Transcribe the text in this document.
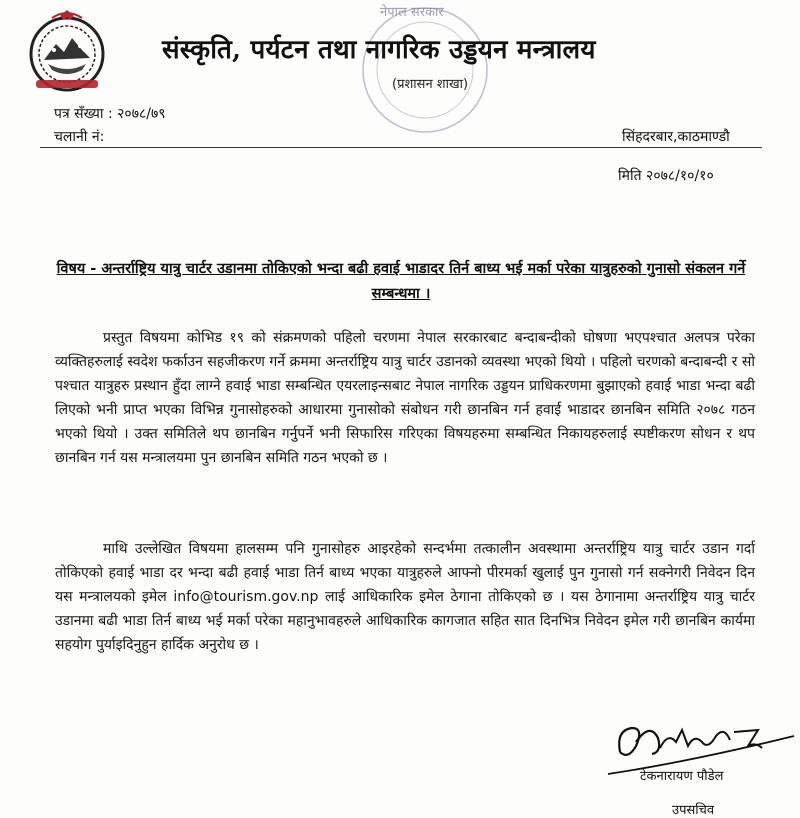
नेपाल सरकार
संस्कृति, पर्यटन तथा नागरिक उड्डयन मन्त्रालय
(प्रशासन शाखा)
पत्र सँख्या : २०७८/७९
चलानी नं:	सिंहदरबार,काठमाण्डौ
मिति २०७८/१०/१०
विषय - अन्तर्राष्ट्रिय यात्रु चार्टर उडानमा तोकिएको भन्दा बढी हवाई भाडादर तिर्न बाध्य भई मर्का परेका यात्रुहरुको गुनासो संकलन गर्ने सम्बन्धमा ।
प्रस्तुत विषयमा कोभिड १९ को संक्रमणको पहिलो चरणमा नेपाल सरकारबाट बन्दाबन्दीको घोषणा भएपश्चात अलपत्र परेका व्यक्तिहरुलाई स्वदेश फर्काउन सहजीकरण गर्ने क्रममा अन्तर्राष्ट्रिय यात्रु चार्टर उडानको व्यवस्था भएको थियो । पहिलो चरणको बन्दाबन्दी र सो पश्चात यात्रुहरु प्रस्थान हुँदा लाग्ने हवाई भाडा सम्बन्धित एयरलाइन्सबाट नेपाल नागरिक उड्डयन प्राधिकरणमा बुझाएको हवाई भाडा भन्दा बढी लिएको भनी प्राप्त भएका विभिन्न गुनासोहरुको आधारमा गुनासोको संबोधन गरी छानबिन गर्न हवाई भाडादर छानबिन समिति २०७८ गठन भएको थियो । उक्त समितिले थप छानबिन गर्नुपर्ने भनी सिफारिस गरिएका विषयहरुमा सम्बन्धित निकायहरुलाई स्पष्टीकरण सोधन र थप छानबिन गर्न यस मन्त्रालयमा पुन छानबिन समिति गठन भएको छ ।
माथि उल्लेखित विषयमा हालसम्म पनि गुनासोहरु आइरहेको सन्दर्भमा तत्कालीन अवस्थामा अन्तर्राष्ट्रिय यात्रु चार्टर उडान गर्दा तोकिएको हवाई भाडा दर भन्दा बढी हवाई भाडा तिर्न बाध्य भएका यात्रुहरुले आफ्नो पीरमर्का खुलाई पुन गुनासो गर्न सक्नेगरी निवेदन दिन यस मन्त्रालयको इमेल info@tourism.gov.np लाई आधिकारिक इमेल ठेगाना तोकिएको छ । यस ठेगानामा अन्तर्राष्ट्रिय यात्रु चार्टर उडानमा बढी भाडा तिर्न बाध्य भई मर्का परेका महानुभावहरुले आधिकारिक कागजात सहित सात दिनभित्र निवेदन इमेल गरी छानबिन कार्यमा सहयोग पुर्याइदिनुहुन हार्दिक अनुरोध छ ।
टेकनारायण पौडेल
उपसचिव
